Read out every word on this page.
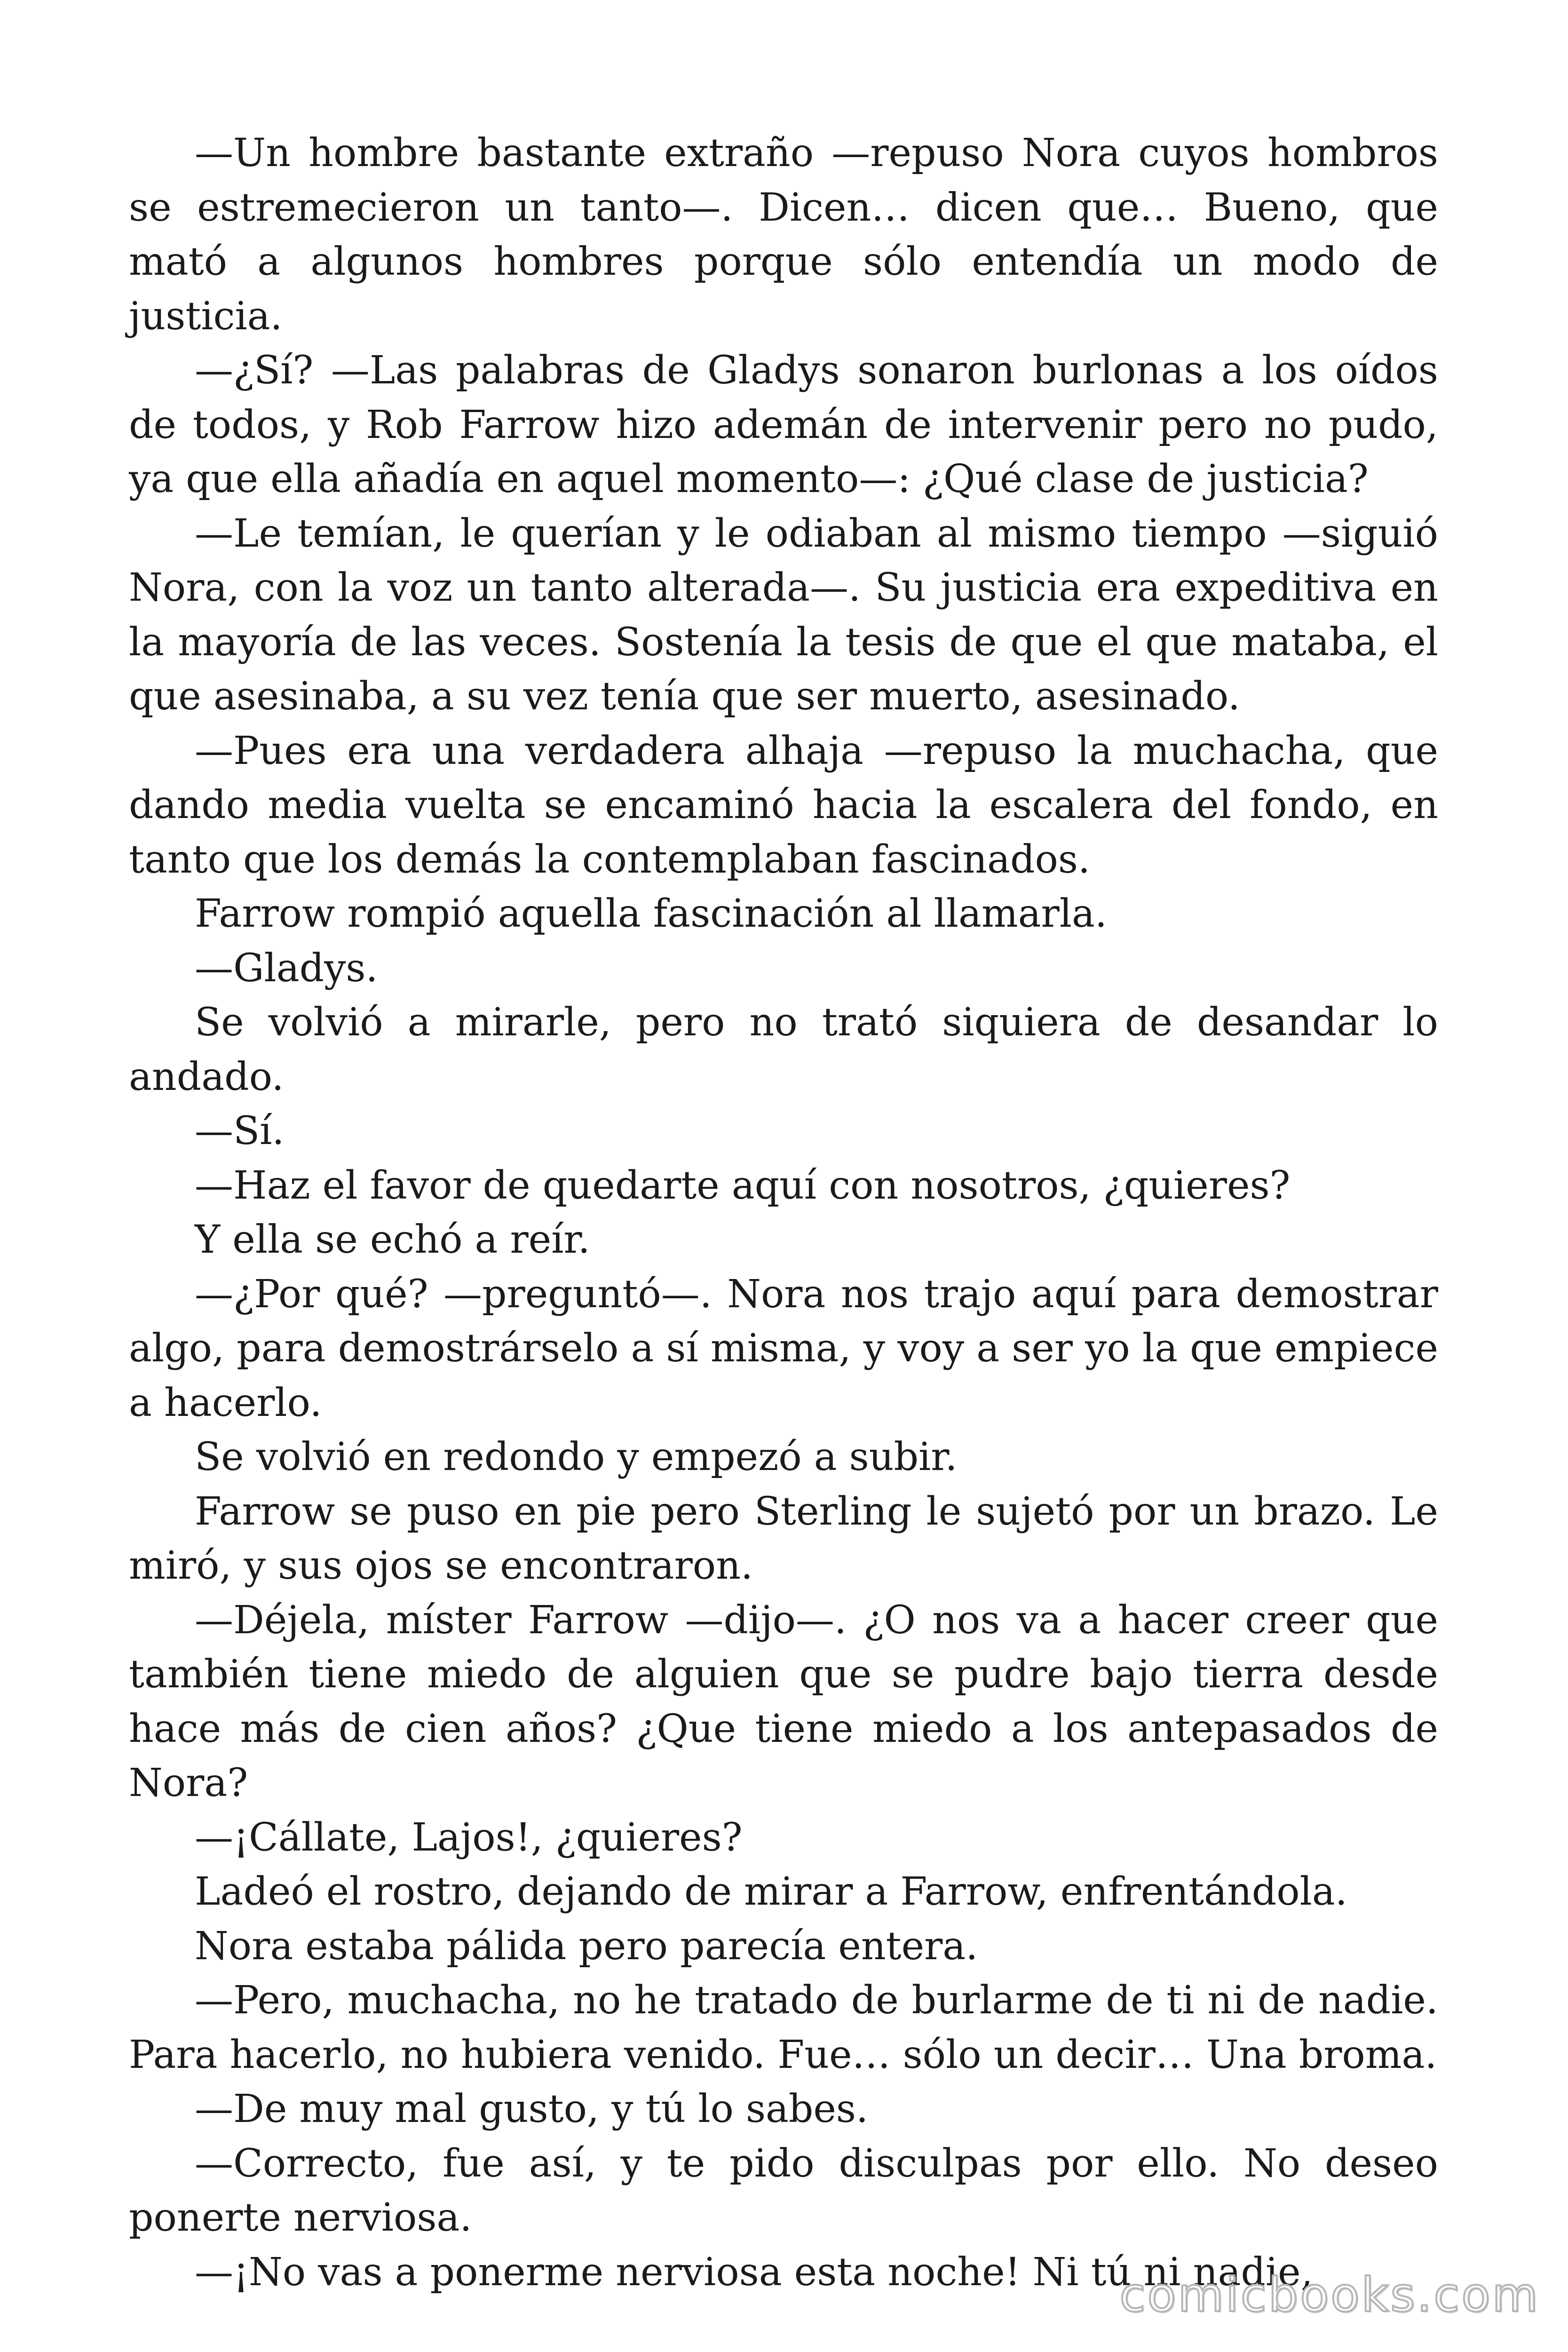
—Un hombre bastante extraño —repuso Nora cuyos hombros se estremecieron un tanto—. Dicen… dicen que… Bueno, que mató a algunos hombres porque sólo entendía un modo de justicia.

—¿Sí? —Las palabras de Gladys sonaron burlonas a los oídos de todos, y Rob Farrow hizo ademán de intervenir pero no pudo, ya que ella añadía en aquel momento—: ¿Qué clase de justicia?

—Le temían, le querían y le odiaban al mismo tiempo —siguió Nora, con la voz un tanto alterada—. Su justicia era expeditiva en la mayoría de las veces. Sostenía la tesis de que el que mataba, el que asesinaba, a su vez tenía que ser muerto, asesinado.

—Pues era una verdadera alhaja —repuso la muchacha, que dando media vuelta se encaminó hacia la escalera del fondo, en tanto que los demás la contemplaban fascinados.

Farrow rompió aquella fascinación al llamarla.

—Gladys.

Se volvió a mirarle, pero no trató siquiera de desandar lo andado.

—Sí.

—Haz el favor de quedarte aquí con nosotros, ¿quieres?

Y ella se echó a reír.

—¿Por qué? —preguntó—. Nora nos trajo aquí para demostrar algo, para demostrárselo a sí misma, y voy a ser yo la que empiece a hacerlo.

Se volvió en redondo y empezó a subir.

Farrow se puso en pie pero Sterling le sujetó por un brazo. Le miró, y sus ojos se encontraron.

—Déjela, míster Farrow —dijo—. ¿O nos va a hacer creer que también tiene miedo de alguien que se pudre bajo tierra desde hace más de cien años? ¿Que tiene miedo a los antepasados de Nora?

—¡Cállate, Lajos!, ¿quieres?

Ladeó el rostro, dejando de mirar a Farrow, enfrentándola.

Nora estaba pálida pero parecía entera.

—Pero, muchacha, no he tratado de burlarme de ti ni de nadie. Para hacerlo, no hubiera venido. Fue… sólo un decir… Una broma.

—De muy mal gusto, y tú lo sabes.

—Correcto, fue así, y te pido disculpas por ello. No deseo ponerte nerviosa.

—¡No vas a ponerme nerviosa esta noche! Ni tú ni nadie,

comicbooks.com
